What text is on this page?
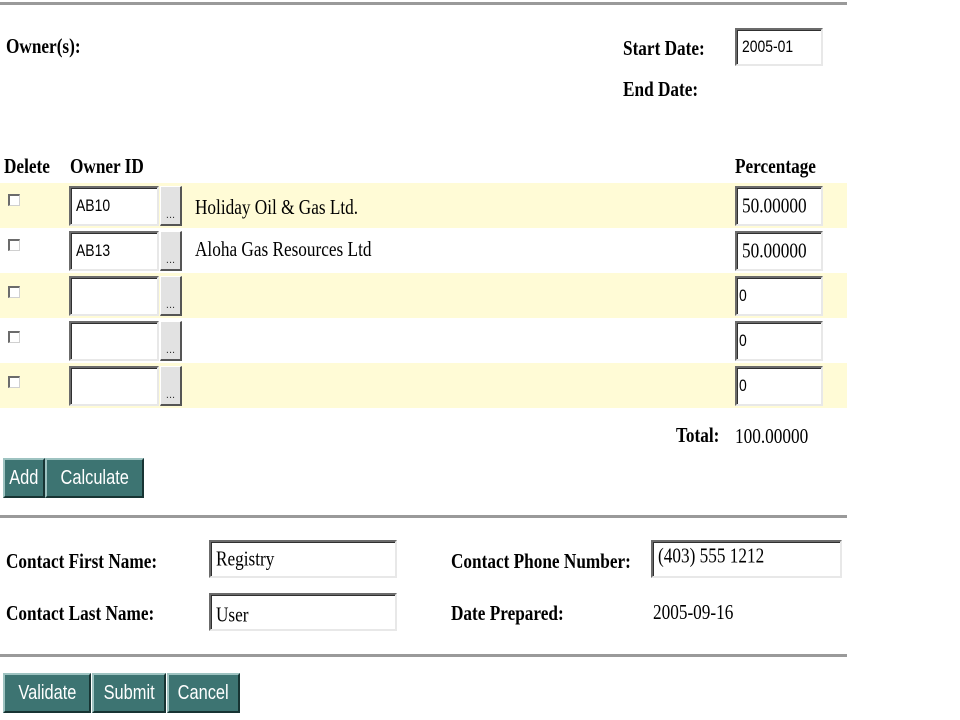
Owner(s):	Start Date: 2005-01
End Date:
Delete Owner ID	Percentage
AB10	... Holiday Oil & Gas Ltd.	50.00000
AB13	... Aloha Gas Resources Ltd	50.00000
...	0
...	0
...	0
Total: 100.00000
Add	Calculate
Contact First Name:	Registry	Contact Phone Number: (403) 555 1212
Contact Last Name:	User	Date Prepared:	2005-09-16
Validate	Submit	Cancel
